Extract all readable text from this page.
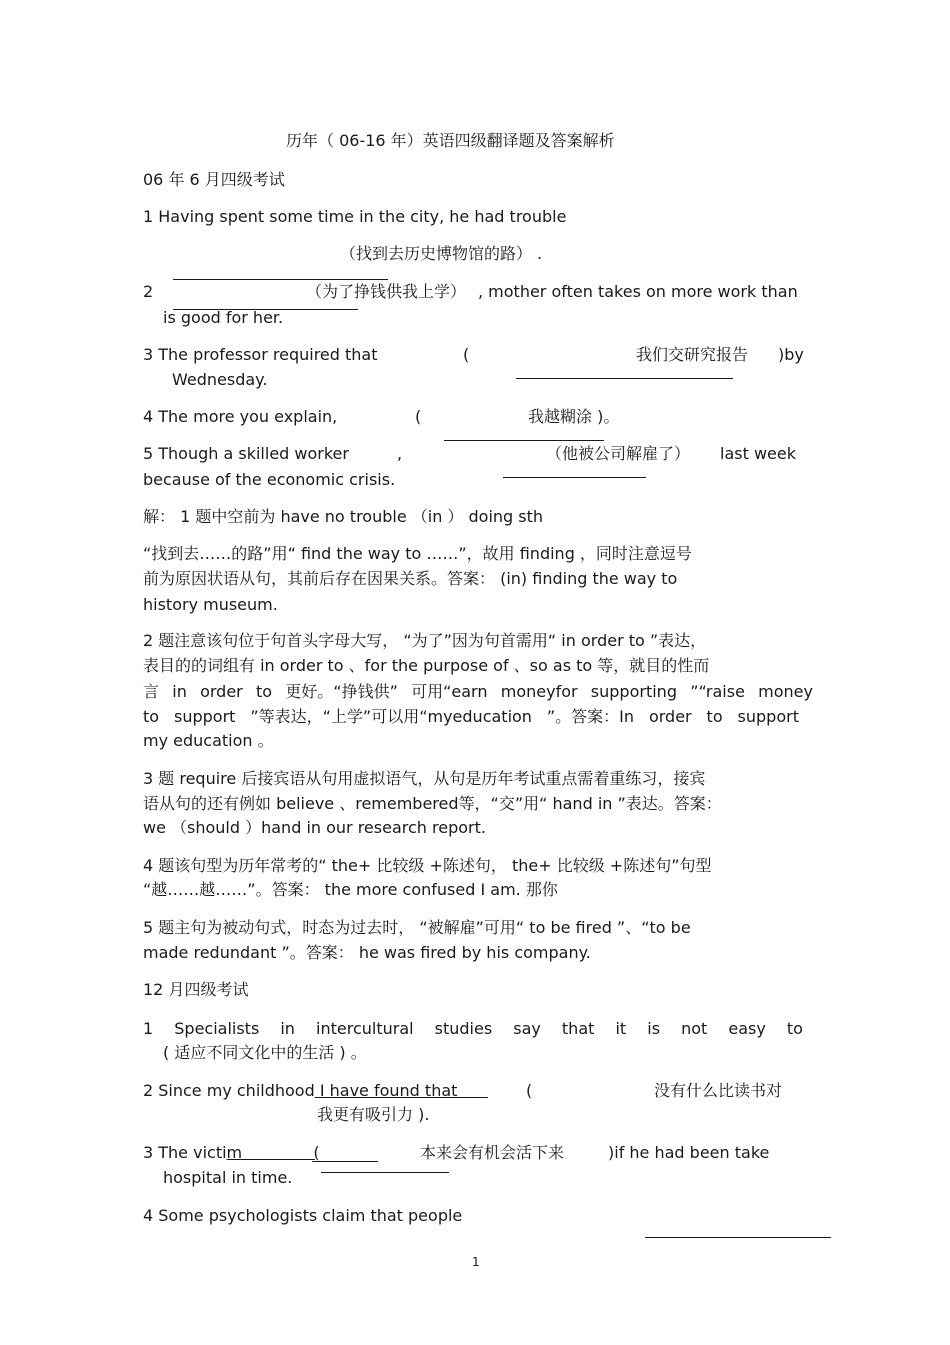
历年（ 06-16 年）英语四级翻译题及答案解析
06 年 6 月四级考试
1 Having spent some time in the city, he had trouble
（找到去历史博物馆的路） .
2	（为了挣钱供我上学） , mother often takes on more work than
is good for her.
3 The professor required that	(	我们交研究报告 )by
Wednesday.
4 The more you explain,	(	我越糊涂 )。
5 Though a skilled worker	,	（他被公司解雇了） last week
because of the economic crisis.
解： 1 题中空前为 have no trouble （in ） doing sth
“找到去……的路”用“ find the way to ……”，故用 finding ，同时注意逗号
前为原因状语从句，其前后存在因果关系。答案： (in) finding the way to
history museum.
2 题注意该句位于句首头字母大写， “为了”因为句首需用“ in order to ”表达，
表目的的词组有 in order to 、for the purpose of 、so as to 等，就目的性而
言 in order to 更好。“挣钱供” 可用“earn moneyfor supporting ”“raise money
to support ”等表达，“上学”可以用“myeducation ”。答案：In order to support
my education 。
3 题 require 后接宾语从句用虚拟语气，从句是历年考试重点需着重练习，接宾
语从句的还有例如 believe 、remembered等，“交”用“ hand in ”表达。答案：
we （should ）hand in our research report.
4 题该句型为历年常考的“ the+ 比较级 +陈述句， the+ 比较级 +陈述句”句型
“越……越……”。答案： the more confused I am. 那你
5 题主句为被动句式，时态为过去时， “被解雇”可用“ to be fired ”、“to be
made redundant ”。答案： he was fired by his company.
12 月四级考试
1 Specialists in intercultural studies say that it is not easy to
( 适应不同文化中的生活 ) 。
2 Since my childhood I have found that (	没有什么比读书对
我更有吸引力 ).
3 The victim              (	本来会有机会活下来	)if he had been take
hospital in time.
4 Some psychologists claim that people
1
